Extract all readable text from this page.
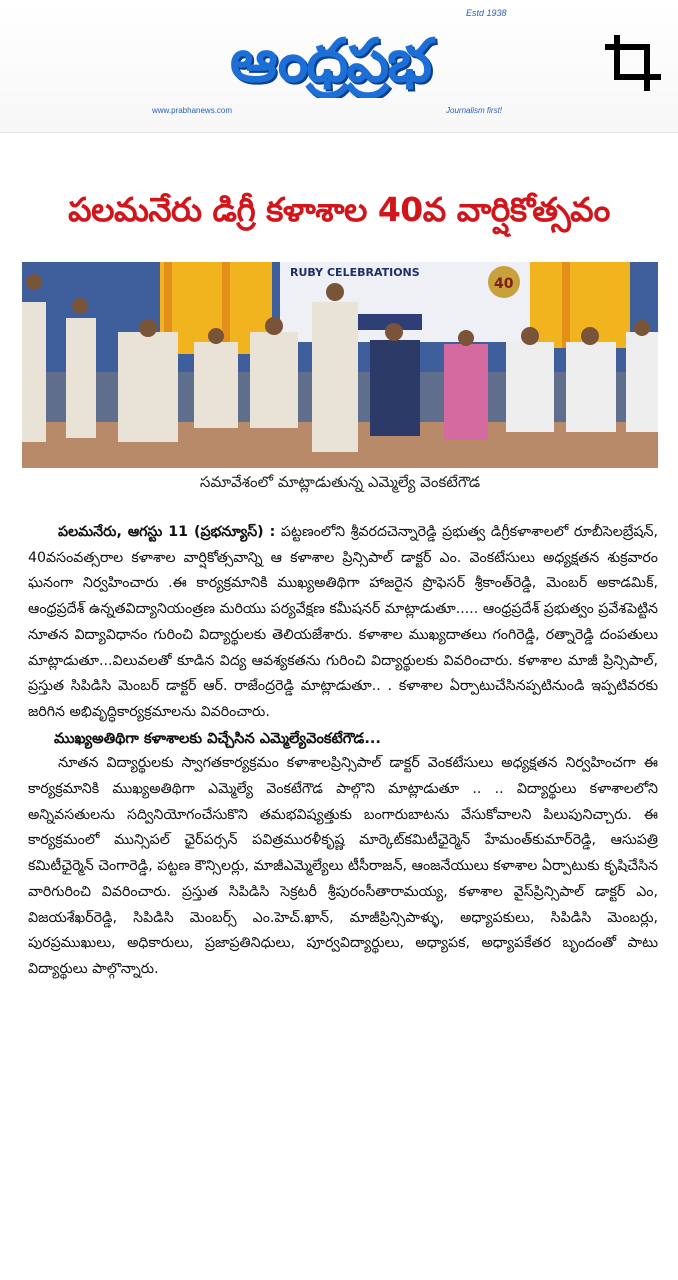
Estd 1938
ఆంధ్రప్రభ
www.prabhanews.com	Journalism first!
పలమనేరు డిగ్రీ కళాశాల 40వ వార్షికోత్సవం
RUBY CELEBRATIONS
40
సమావేశంలో మాట్లాడుతున్న ఎమ్మెల్యే వెంకటేగౌడ

పలమనేరు, ఆగస్టు 11 (ప్రభన్యూస్) : పట్టణంలోని శ్రీవరదచెన్నారెడ్డి ప్రభుత్వ డిగ్రీకళాశాలలో రూబీసెలబ్రేషన్, 40వసంవత్సరాల కళాశాల వార్షికోత్సవాన్ని ఆ కళాశాల ప్రిన్సిపాల్ డాక్టర్ ఎం. వెంకటేసులు అధ్యక్షతన శుక్రవారం ఘనంగా నిర్వహించారు .ఈ కార్యక్రమానికి ముఖ్యఅతిథిగా హాజరైన ప్రొఫెసర్ శ్రీకాంత్‌రెడ్డి, మెంబర్ అకాడమిక్, ఆంధ్రప్రదేశ్ ఉన్నతవిద్యానియంత్రణ మరియు పర్యవేక్షణ కమీషనర్ మాట్లాడుతూ..... ఆంధ్రప్రదేశ్ ప్రభుత్వం ప్రవేశపెట్టిన నూతన విద్యావిధానం గురించి విద్యార్థులకు తెలియజేశారు. కళాశాల ముఖ్యదాతలు గంగిరెడ్డి, రత్నారెడ్డి దంపతులు మాట్లాడుతూ...విలువలతో కూడిన విద్య ఆవశ్యకతను గురించి విద్యార్థులకు వివరించారు. కళాశాల మాజీ ప్రిన్సిపాల్, ప్రస్తుత సిపిడిసి మెంబర్ డాక్టర్ ఆర్. రాజేంద్రరెడ్డి మాట్లాడుతూ.. . కళాశాల ఏర్పాటుచేసినప్పటినుండి ఇప్పటివరకు జరిగిన అభివృద్ధికార్యక్రమాలను వివరించారు.

ముఖ్యఅతిథిగా కళాశాలకు విచ్చేసిన ఎమ్మెల్యేవెంకటేగౌడ...

నూతన విద్యార్థులకు స్వాగతకార్యక్రమం కళాశాలప్రిన్సిపాల్ డాక్టర్ వెంకటేసులు అధ్యక్షతన నిర్వహించగా ఈ కార్యక్రమానికి ముఖ్యఅతిథిగా ఎమ్మెల్యే వెంకటేగౌడ పాల్గొని మాట్లాడుతూ .. .. విద్యార్థులు కళాశాలలోని అన్నివసతులను సద్వినియోగంచేసుకొని తమభవిష్యత్తుకు బంగారుబాటను వేసుకోవాలని పిలుపునిచ్చారు. ఈ కార్యక్రమంలో మున్సిపల్ ఛైర్‌పర్సన్ పవిత్రమురళీకృష్ణ మార్కెట్‌కమిటీఛైర్మెన్ హేమంత్‌కుమార్‌రెడ్డి, ఆసుపత్రి కమిటీఛైర్మెన్ చెంగారెడ్డి, పట్టణ కౌన్సిలర్లు, మాజీఎమ్మెల్యేలు టీసీరాజన్, ఆంజనేయులు కళాశాల ఏర్పాటుకు కృషిచేసిన వారిగురించి వివరించారు. ప్రస్తుత సిపిడిసి సెక్రటరీ శ్రీపురంసీతారామయ్య, కళాశాల వైస్‌ప్రిన్సిపాల్ డాక్టర్ ఎం, విజయశేఖర్‌రెడ్డి, సిపిడిసి మెంబర్స్ ఎం.హెచ్.ఖాన్, మాజీప్రిన్సిపాళ్ళు, అధ్యాపకులు, సిపిడిసి మెంబర్లు, పురప్రముఖులు, అధికారులు, ప్రజాప్రతినిధులు, పూర్వవిద్యార్థులు, అధ్యాపక, అధ్యాపకేతర బృందంతో పాటు విద్యార్థులు పాల్గొన్నారు.
